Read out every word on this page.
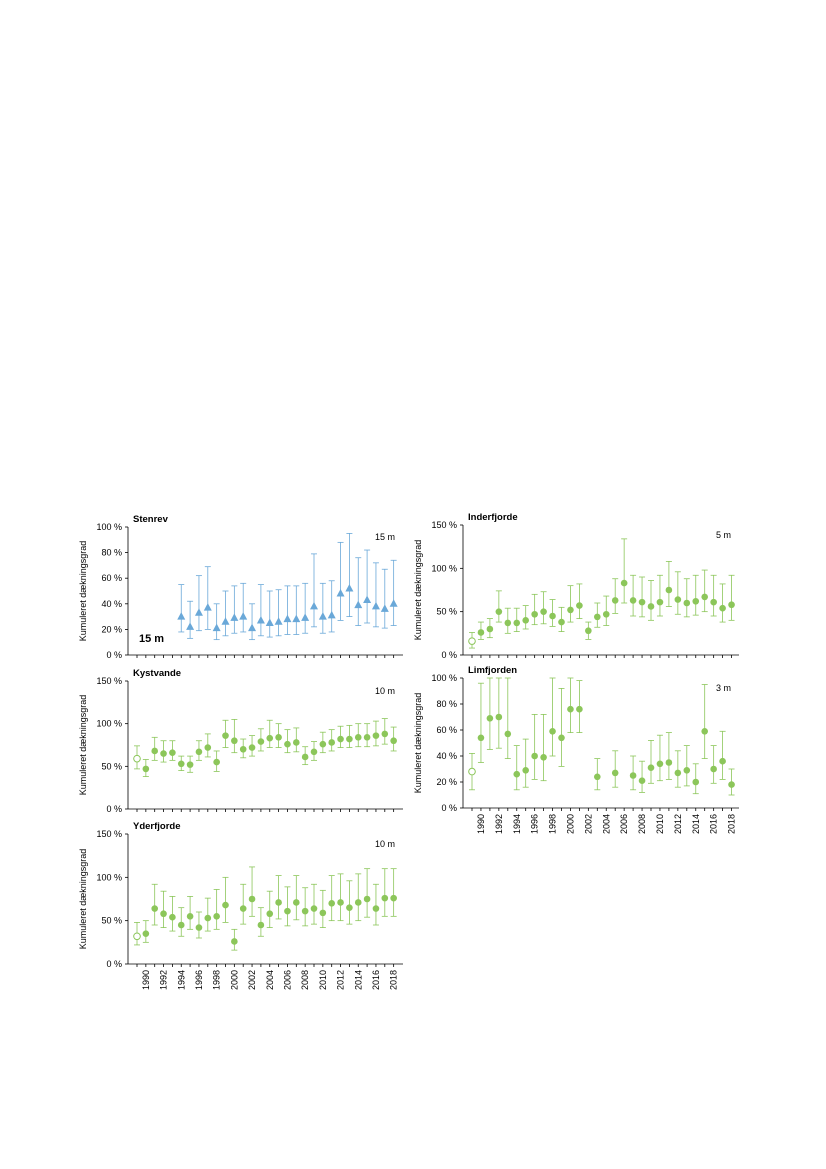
0 %
20 %
40 %
60 %
80 %
100 %
Kumuleret dækningsgrad
Stenrev
15 m
15 m
0 %
50 %
100 %
150 %
Kumuleret dækningsgrad
Inderfjorde
5 m
0 %
50 %
100 %
150 %
Kumuleret dækningsgrad
Kystvande
10 m
0 %
20 %
40 %
60 %
80 %
100 %
1990 1992 1994 1996 1998 2000 2002 2004 2006 2008 2010 2012 2014 2016 2018
Kumuleret dækningsgrad
Limfjorden
3 m
0 %
50 %
100 %
150 %
1990 1992 1994 1996 1998 2000 2002 2004 2006 2008 2010 2012 2014 2016 2018
Kumuleret dækningsgrad
Yderfjorde
10 m
